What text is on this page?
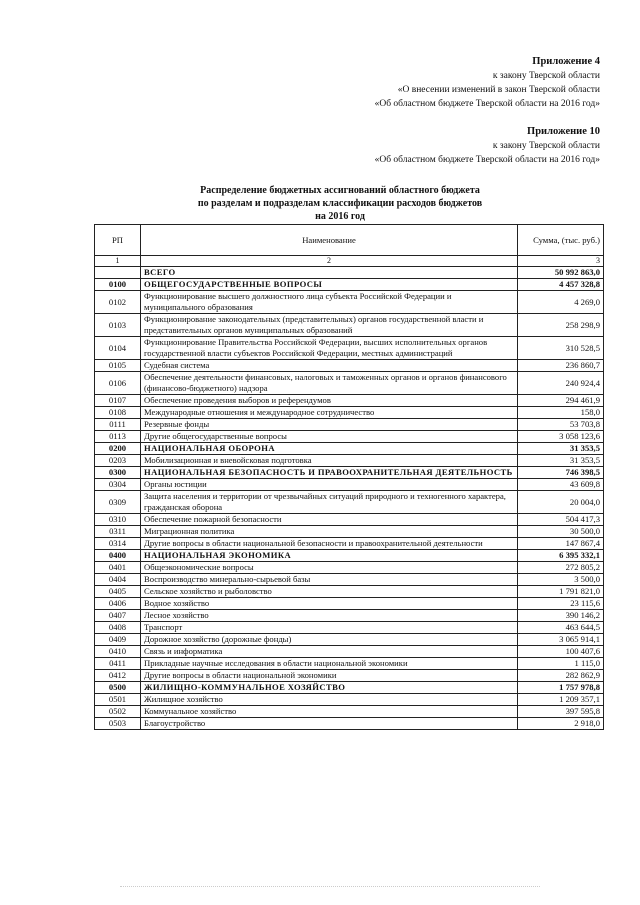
Приложение 4
к закону Тверской области
«О внесении изменений в закон Тверской области
«Об областном бюджете Тверской области на 2016 год»
Приложение 10
к закону Тверской области
«Об областном бюджете Тверской области на 2016 год»
Распределение бюджетных ассигнований областного бюджета
по разделам и подразделам классификации расходов бюджетов
на 2016 год
РП	Наименование	Сумма, (тыс. руб.)
1	2	3
	ВСЕГО	50 992 863,0
0100	ОБЩЕГОСУДАРСТВЕННЫЕ ВОПРОСЫ	4 457 328,8
0102	Функционирование высшего должностного лица субъекта Российской Федерации и муниципального образования	4 269,0
0103	Функционирование законодательных (представительных) органов государственной власти и представительных органов муниципальных образований	258 298,9
0104	Функционирование Правительства Российской Федерации, высших исполнительных органов государственной власти субъектов Российской Федерации, местных администраций	310 528,5
0105	Судебная система	236 860,7
0106	Обеспечение деятельности финансовых, налоговых и таможенных органов и органов финансового (финансово-бюджетного) надзора	240 924,4
0107	Обеспечение проведения выборов и референдумов	294 461,9
0108	Международные отношения и международное сотрудничество	158,0
0111	Резервные фонды	53 703,8
0113	Другие общегосударственные вопросы	3 058 123,6
0200	НАЦИОНАЛЬНАЯ ОБОРОНА	31 353,5
0203	Мобилизационная и вневойсковая подготовка	31 353,5
0300	НАЦИОНАЛЬНАЯ БЕЗОПАСНОСТЬ И ПРАВООХРАНИТЕЛЬНАЯ ДЕЯТЕЛЬНОСТЬ	746 398,5
0304	Органы юстиции	43 609,8
0309	Защита населения и территории от чрезвычайных ситуаций природного и техногенного характера, гражданская оборона	20 004,0
0310	Обеспечение пожарной безопасности	504 417,3
0311	Миграционная политика	30 500,0
0314	Другие вопросы в области национальной безопасности и правоохранительной деятельности	147 867,4
0400	НАЦИОНАЛЬНАЯ ЭКОНОМИКА	6 395 332,1
0401	Общеэкономические вопросы	272 805,2
0404	Воспроизводство минерально-сырьевой базы	3 500,0
0405	Сельское хозяйство и рыболовство	1 791 821,0
0406	Водное хозяйство	23 115,6
0407	Лесное хозяйство	390 146,2
0408	Транспорт	463 644,5
0409	Дорожное хозяйство (дорожные фонды)	3 065 914,1
0410	Связь и информатика	100 407,6
0411	Прикладные научные исследования в области национальной экономики	1 115,0
0412	Другие вопросы в области национальной экономики	282 862,9
0500	ЖИЛИЩНО-КОММУНАЛЬНОЕ ХОЗЯЙСТВО	1 757 978,8
0501	Жилищное хозяйство	1 209 357,1
0502	Коммунальное хозяйство	397 595,8
0503	Благоустройство	2 918,0
